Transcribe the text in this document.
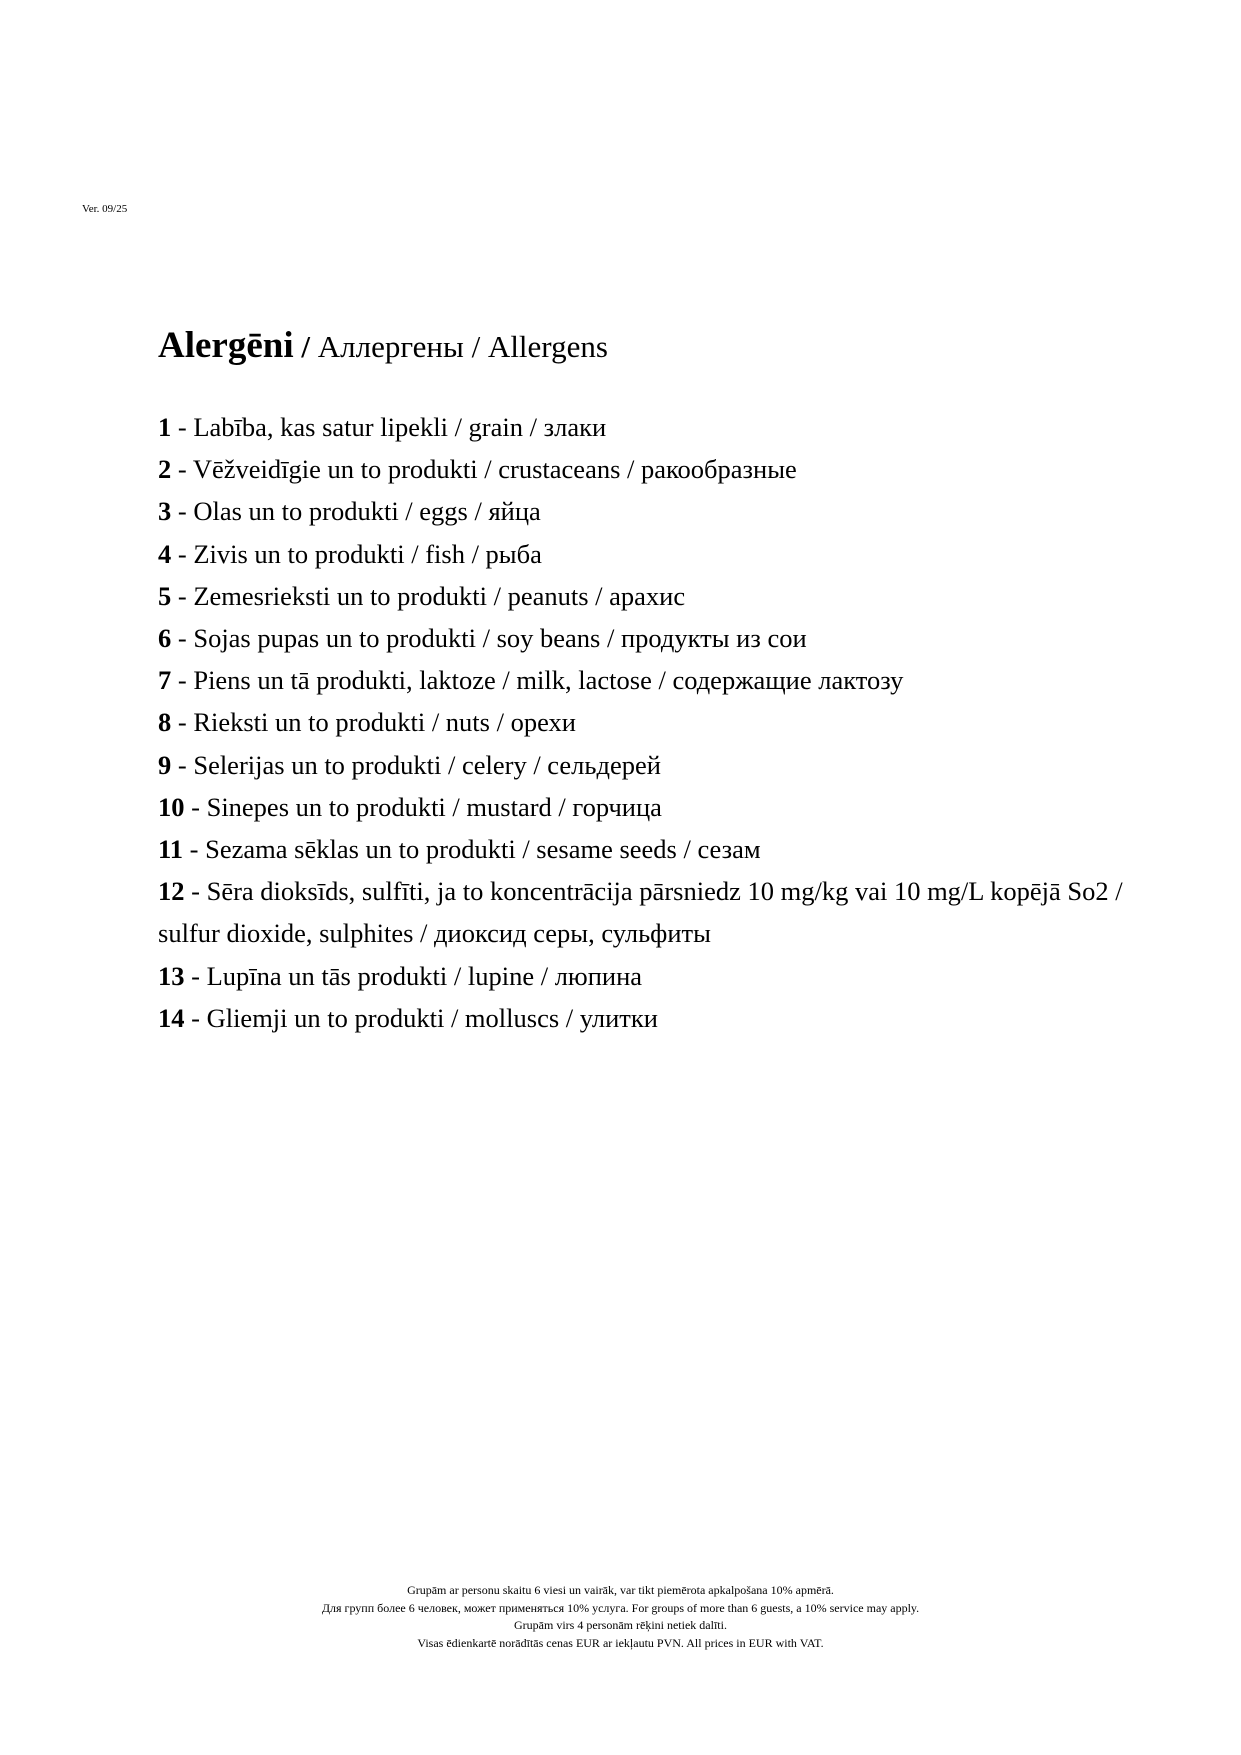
Ver. 09/25
Alergēni / Аллергены / Allergens
1 - Labība, kas satur lipekli / grain / злаки
2 - Vēžveidīgie un to produkti / crustaceans / ракообразные
3 - Olas un to produkti / eggs / яйца
4 - Zivis un to produkti / fish / рыба
5 - Zemesrieksti un to produkti / peanuts / арахис
6 - Sojas pupas un to produkti / soy beans / продукты из сои
7 - Piens un tā produkti, laktoze / milk, lactose / содержащие лактозу
8 - Rieksti un to produkti / nuts / орехи
9 - Selerijas un to produkti / celery / сельдерей
10 - Sinepes un to produkti / mustard / горчица
11 - Sezama sēklas un to produkti / sesame seeds / сезам
12 - Sēra dioksīds, sulfīti, ja to koncentrācija pārsniedz 10 mg/kg vai 10 mg/L kopējā So2 / sulfur dioxide, sulphites / диоксид серы, сульфиты
13 - Lupīna un tās produkti / lupine / люпина
14 - Gliemji un to produkti / molluscs / улитки
Grupām ar personu skaitu 6 viesi un vairāk, var tikt piemērota apkalpošana 10% apmērā.
Для групп более 6 человек, может применяться 10% услуга. For groups of more than 6 guests, a 10% service may apply.
Grupām virs 4 personām rēķini netiek dalīti.
Visas ēdienkartē norādītās cenas EUR ar iekļautu PVN. All prices in EUR with VAT.
